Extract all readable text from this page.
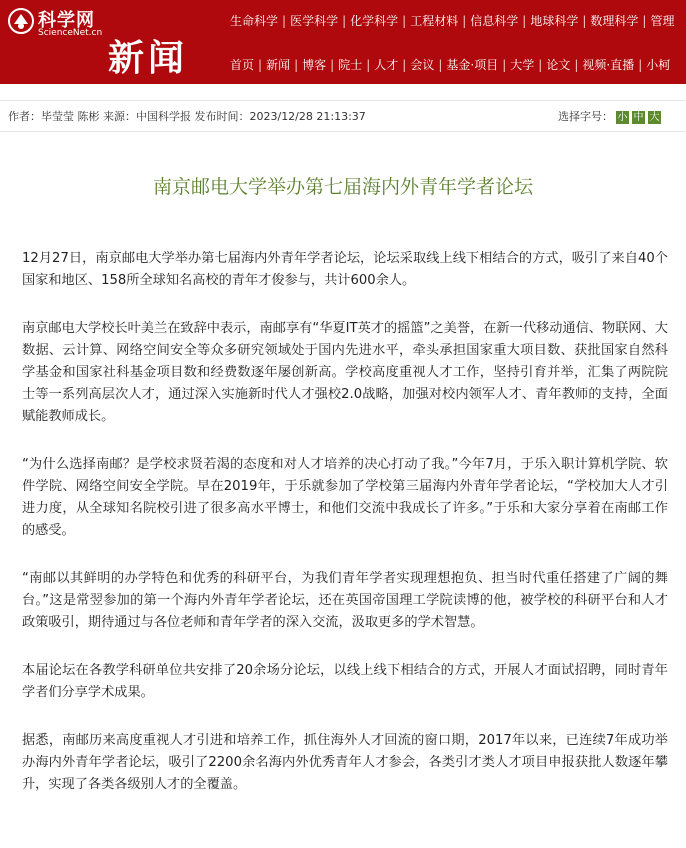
科学网
ScienceNet.cn
新闻
生命科学 | 医学科学 | 化学科学 | 工程材料 | 信息科学 | 地球科学 | 数理科学 | 管理
首页 | 新闻 | 博客 | 院士 | 人才 | 会议 | 基金·项目 | 大学 | 论文 | 视频·直播 | 小柯
作者：毕莹莹 陈彬 来源：中国科学报 发布时间：2023/12/28 21:13:37	选择字号： 小 中 大
南京邮电大学举办第七届海内外青年学者论坛

12月27日，南京邮电大学举办第七届海内外青年学者论坛，论坛采取线上线下相结合的方式，吸引了来自40个国家和地区、158所全球知名高校的青年才俊参与，共计600余人。

南京邮电大学校长叶美兰在致辞中表示，南邮享有“华夏IT英才的摇篮”之美誉，在新一代移动通信、物联网、大数据、云计算、网络空间安全等众多研究领域处于国内先进水平，牵头承担国家重大项目数、获批国家自然科学基金和国家社科基金项目数和经费数逐年屡创新高。学校高度重视人才工作，坚持引育并举，汇集了两院院士等一系列高层次人才，通过深入实施新时代人才强校2.0战略，加强对校内领军人才、青年教师的支持，全面赋能教师成长。

“为什么选择南邮？是学校求贤若渴的态度和对人才培养的决心打动了我。”今年7月，于乐入职计算机学院、软件学院、网络空间安全学院。早在2019年，于乐就参加了学校第三届海内外青年学者论坛，“学校加大人才引进力度，从全球知名院校引进了很多高水平博士，和他们交流中我成长了许多。”于乐和大家分享着在南邮工作的感受。

“南邮以其鲜明的办学特色和优秀的科研平台，为我们青年学者实现理想抱负、担当时代重任搭建了广阔的舞台。”这是常翌参加的第一个海内外青年学者论坛，还在英国帝国理工学院读博的他，被学校的科研平台和人才政策吸引，期待通过与各位老师和青年学者的深入交流，汲取更多的学术智慧。

本届论坛在各教学科研单位共安排了20余场分论坛，以线上线下相结合的方式，开展人才面试招聘，同时青年学者们分享学术成果。

据悉，南邮历来高度重视人才引进和培养工作，抓住海外人才回流的窗口期，2017年以来，已连续7年成功举办海内外青年学者论坛，吸引了2200余名海内外优秀青年人才参会，各类引才类人才项目申报获批人数逐年攀升，实现了各类各级别人才的全覆盖。
